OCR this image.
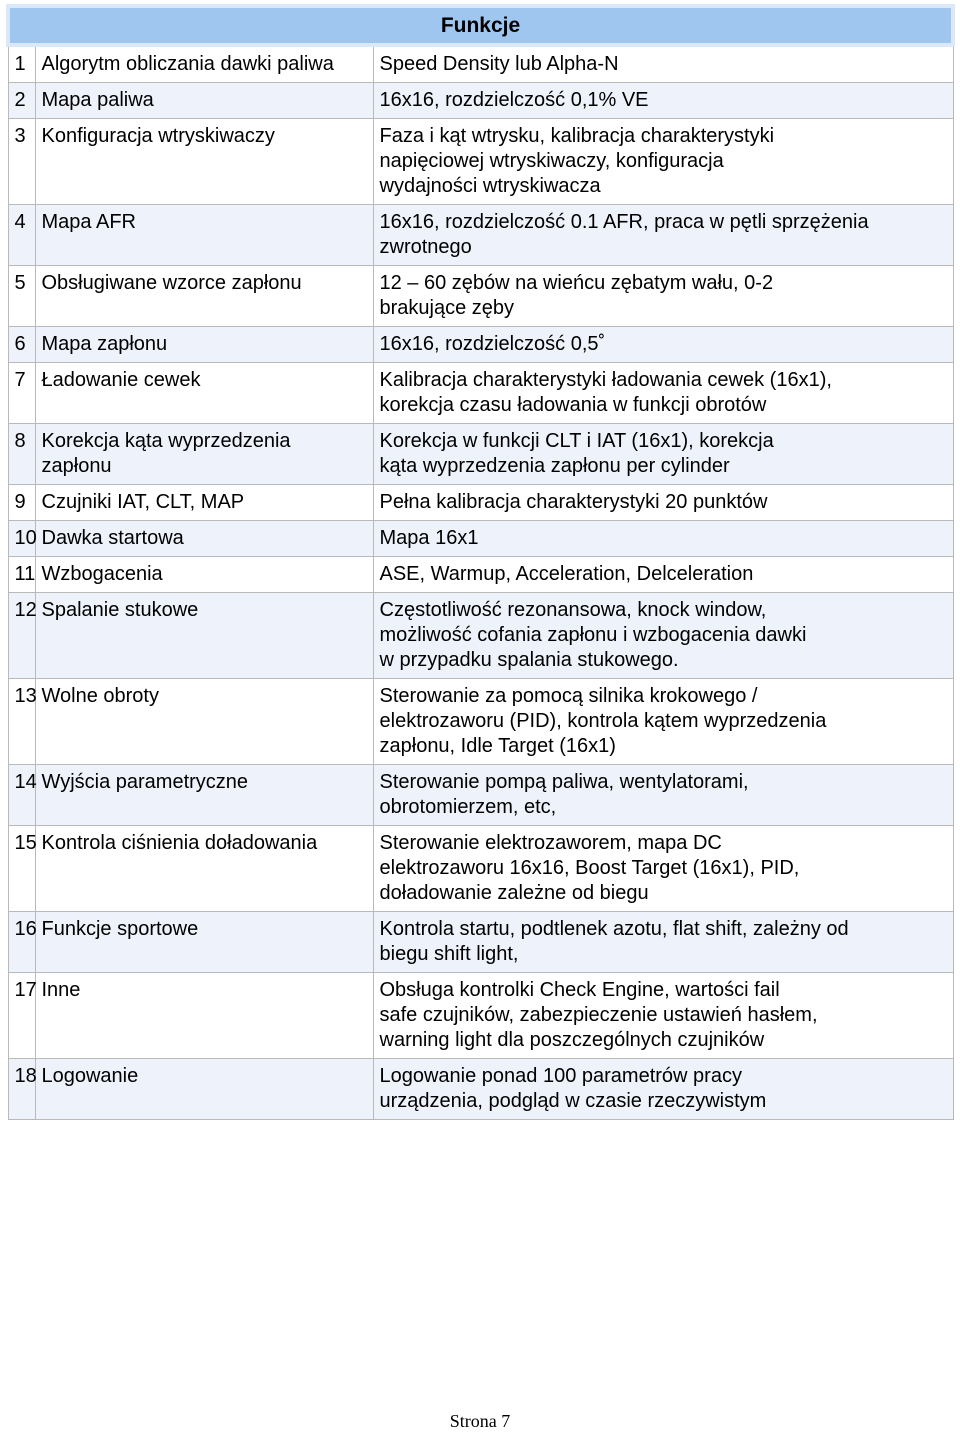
Funkcje		
1	Algorytm obliczania dawki paliwa	Speed Density lub Alpha-N
2	Mapa paliwa	16x16, rozdzielczość 0,1% VE
3	Konfiguracja wtryskiwaczy	Faza i kąt wtrysku, kalibracja charakterystyki
napięciowej wtryskiwaczy, konfiguracja
wydajności wtryskiwacza
4	Mapa AFR	16x16, rozdzielczość 0.1 AFR, praca w pętli sprzężenia
zwrotnego
5	Obsługiwane wzorce zapłonu	12 – 60 zębów na wieńcu zębatym wału, 0-2
brakujące zęby
6	Mapa zapłonu	16x16, rozdzielczość 0,5˚
7	Ładowanie cewek	Kalibracja charakterystyki ładowania cewek (16x1),
korekcja czasu ładowania w funkcji obrotów
8	Korekcja kąta wyprzedzenia
zapłonu	Korekcja w funkcji CLT i IAT (16x1), korekcja
kąta wyprzedzenia zapłonu per cylinder
9	Czujniki IAT, CLT, MAP	Pełna kalibracja charakterystyki 20 punktów
10	Dawka startowa	Mapa 16x1
11	Wzbogacenia	ASE, Warmup, Acceleration, Delceleration
12	Spalanie stukowe	Częstotliwość rezonansowa, knock window,
możliwość cofania zapłonu i wzbogacenia dawki
w przypadku spalania stukowego.
13	Wolne obroty	Sterowanie za pomocą silnika krokowego /
elektrozaworu (PID), kontrola kątem wyprzedzenia
zapłonu, Idle Target (16x1)
14	Wyjścia parametryczne	Sterowanie pompą paliwa, wentylatorami,
obrotomierzem, etc,
15	Kontrola ciśnienia doładowania	Sterowanie elektrozaworem, mapa DC
elektrozaworu 16x16, Boost Target (16x1), PID,
doładowanie zależne od biegu
16	Funkcje sportowe	Kontrola startu, podtlenek azotu, flat shift, zależny od
biegu shift light,
17	Inne	Obsługa kontrolki Check Engine, wartości fail
safe czujników, zabezpieczenie ustawień hasłem,
warning light dla poszczególnych czujników
18	Logowanie	Logowanie ponad 100 parametrów pracy
urządzenia, podgląd w czasie rzeczywistym
Strona 7
